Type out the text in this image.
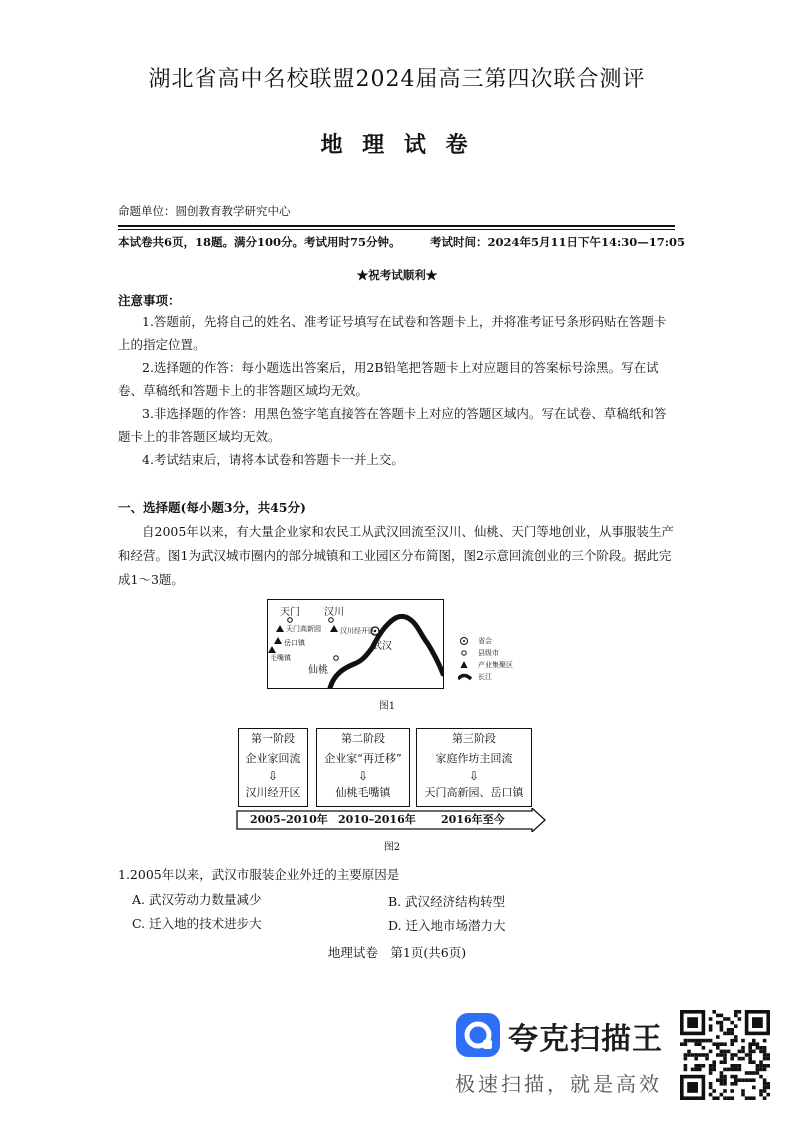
湖北省高中名校联盟2024届高三第四次联合测评
地 理 试 卷
命题单位：圆创教育教学研究中心
本试卷共6页，18题。满分100分。考试用时75分钟。	考试时间：2024年5月11日下午14:30—17:05
★祝考试顺利★
注意事项：
1.答题前，先将自己的姓名、准考证号填写在试卷和答题卡上，并将准考证号条形码贴在答题卡上的指定位置。
2.选择题的作答：每小题选出答案后，用2B铅笔把答题卡上对应题目的答案标号涂黑。写在试卷、草稿纸和答题卡上的非答题区域均无效。
3.非选择题的作答：用黑色签字笔直接答在答题卡上对应的答题区域内。写在试卷、草稿纸和答题卡上的非答题区域均无效。
4.考试结束后，请将本试卷和答题卡一并上交。
一、选择题(每小题3分，共45分)
自2005年以来，有大量企业家和农民工从武汉回流至汉川、仙桃、天门等地创业，从事服装生产和经营。图1为武汉城市圈内的部分城镇和工业园区分布简图，图2示意回流创业的三个阶段。据此完成1～3题。
天门 汉川
天门高新园	汉川经开区
岳口镇
毛嘴镇
仙桃
武汉	省会
县级市
产业集聚区
长江
图1
第一阶段
企业家回流
⇩
汉川经开区
第二阶段
企业家“再迁移”
⇩
仙桃毛嘴镇
第三阶段
家庭作坊主回流
⇩
天门高新园、岳口镇
2005–2010年 2010–2016年 2016年至今
图2
1.2005年以来，武汉市服装企业外迁的主要原因是
A. 武汉劳动力数量减少	B. 武汉经济结构转型
C. 迁入地的技术进步大	D. 迁入地市场潜力大
地理试卷　第1页(共6页)
夸克扫描王
极速扫描，就是高效
